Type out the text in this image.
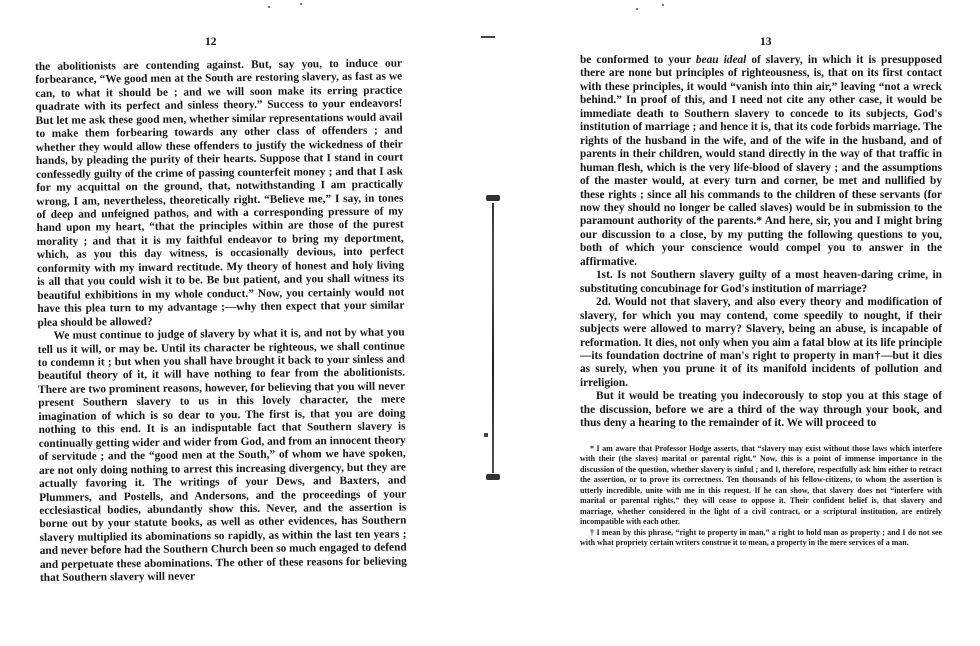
12

the abolitionists are contending against. But, say you, to induce our forbearance, “We good men at the South are restoring slavery, as fast as we can, to what it should be ; and we will soon make its erring practice quadrate with its perfect and sinless theory.” Success to your endeavors! But let me ask these good men, whether similar representations would avail to make them forbearing towards any other class of offenders ; and whether they would allow these offenders to justify the wickedness of their hands, by pleading the purity of their hearts. Suppose that I stand in court confessedly guilty of the crime of passing counterfeit money ; and that I ask for my acquittal on the ground, that, notwithstanding I am practically wrong, I am, nevertheless, theoretically right. “Believe me,” I say, in tones of deep and unfeigned pathos, and with a corresponding pressure of my hand upon my heart, “that the principles within are those of the purest morality ; and that it is my faithful endeavor to bring my deportment, which, as you this day witness, is occasionally devious, into perfect conformity with my inward rectitude. My theory of honest and holy living is all that you could wish it to be. Be but patient, and you shall witness its beautiful exhibitions in my whole conduct.” Now, you certainly would not have this plea turn to my advantage ;—why then expect that your similar plea should be allowed?

We must continue to judge of slavery by what it is, and not by what you tell us it will, or may be. Until its character be righteous, we shall continue to condemn it ; but when you shall have brought it back to your sinless and beautiful theory of it, it will have nothing to fear from the abolitionists. There are two prominent reasons, however, for believing that you will never present Southern slavery to us in this lovely character, the mere imagination of which is so dear to you. The first is, that you are doing nothing to this end. It is an indisputable fact that Southern slavery is continually getting wider and wider from God, and from an innocent theory of servitude ; and the “good men at the South,” of whom we have spoken, are not only doing nothing to arrest this increasing divergency, but they are actually favoring it. The writings of your Dews, and Baxters, and Plummers, and Postells, and Andersons, and the proceedings of your ecclesiastical bodies, abundantly show this. Never, and the assertion is borne out by your statute books, as well as other evidences, has Southern slavery multiplied its abominations so rapidly, as within the last ten years ; and never before had the Southern Church been so much engaged to defend and perpetuate these abominations. The other of these reasons for believing that Southern slavery will never

13

be conformed to your beau ideal of slavery, in which it is presupposed there are none but principles of righteousness, is, that on its first contact with these principles, it would “vanish into thin air,” leaving “not a wreck behind.” In proof of this, and I need not cite any other case, it would be immediate death to Southern slavery to concede to its subjects, God's institution of marriage ; and hence it is, that its code forbids marriage. The rights of the husband in the wife, and of the wife in the husband, and of parents in their children, would stand directly in the way of that traffic in human flesh, which is the very life-blood of slavery ; and the assumptions of the master would, at every turn and corner, be met and nullified by these rights ; since all his commands to the children of these servants (for now they should no longer be called slaves) would be in submission to the paramount authority of the parents.* And here, sir, you and I might bring our discussion to a close, by my putting the following questions to you, both of which your conscience would compel you to answer in the affirmative.

1st. Is not Southern slavery guilty of a most heaven-daring crime, in substituting concubinage for God's institution of marriage?

2d. Would not that slavery, and also every theory and modification of slavery, for which you may contend, come speedily to nought, if their subjects were allowed to marry? Slavery, being an abuse, is incapable of reformation. It dies, not only when you aim a fatal blow at its life principle—its foundation doctrine of man's right to property in man†—but it dies as surely, when you prune it of its manifold incidents of pollution and irreligion.

But it would be treating you indecorously to stop you at this stage of the discussion, before we are a third of the way through your book, and thus deny a hearing to the remainder of it. We will proceed to

* I am aware that Professor Hodge asserts, that “slavery may exist without those laws which interfere with their (the slaves) marital or parental right.” Now, this is a point of immense importance in the discussion of the question, whether slavery is sinful ; and I, therefore, respectfully ask him either to retract the assertion, or to prove its correctness. Ten thousands of his fellow-citizens, to whom the assertion is utterly incredible, unite with me in this request. If he can show, that slavery does not “interfere with marital or parental rights,” they will cease to oppose it. Their confident belief is, that slavery and marriage, whether considered in the light of a civil contract, or a scriptural institution, are entirely incompatible with each other.

† I mean by this phrase, “right to property in man,” a right to hold man as property ; and I do not see with what propriety certain writers construe it to mean, a property in the mere services of a man.
